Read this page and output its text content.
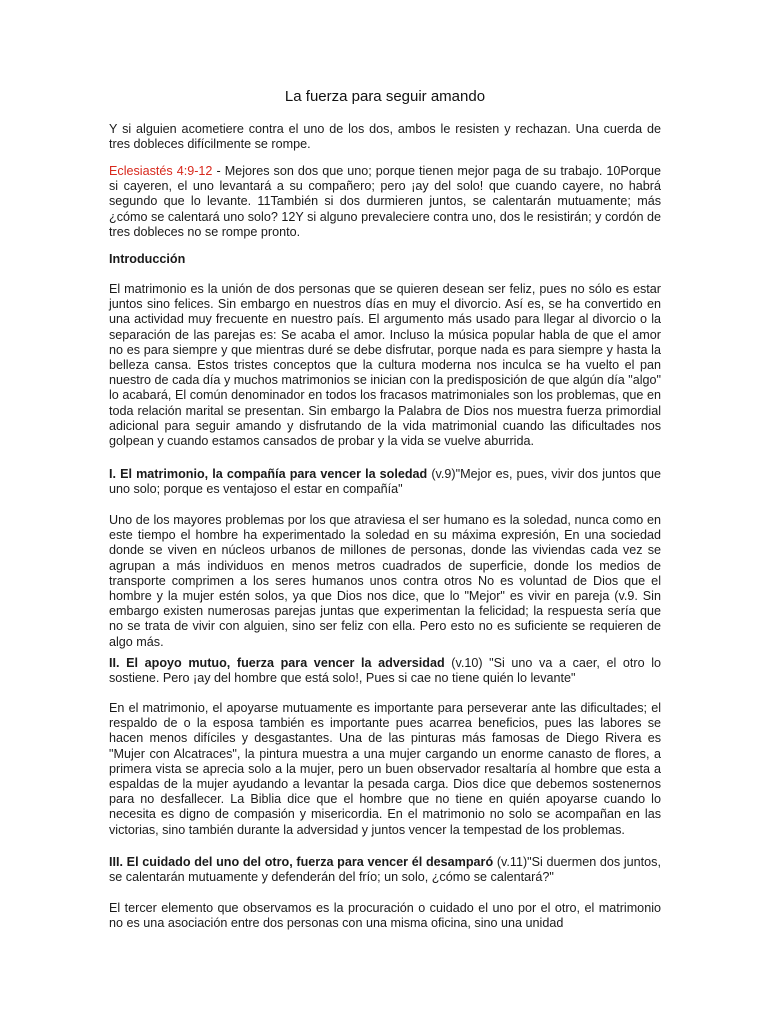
La fuerza para seguir amando

Y si alguien acometiere contra el uno de los dos, ambos le resisten y rechazan. Una cuerda de tres dobleces difícilmente se rompe.

Eclesiastés 4:9-12 - Mejores son dos que uno; porque tienen mejor paga de su trabajo. 10Porque si cayeren, el uno levantará a su compañero; pero ¡ay del solo! que cuando cayere, no habrá segundo que lo levante. 11También si dos durmieren juntos, se calentarán mutuamente; más ¿cómo se calentará uno solo? 12Y si alguno prevaleciere contra uno, dos le resistirán; y cordón de tres dobleces no se rompe pronto.

Introducción

El matrimonio es la unión de dos personas que se quieren desean ser feliz, pues no sólo es estar juntos sino felices. Sin embargo en nuestros días en muy el divorcio. Así es, se ha convertido en una actividad muy frecuente en nuestro país. El argumento más usado para llegar al divorcio o la separación de las parejas es: Se acaba el amor. Incluso la música popular habla de que el amor no es para siempre y que mientras duré se debe disfrutar, porque nada es para siempre y hasta la belleza cansa. Estos tristes conceptos que la cultura moderna nos inculca se ha vuelto el pan nuestro de cada día y muchos matrimonios se inician con la predisposición de que algún día "algo" lo acabará, El común denominador en todos los fracasos matrimoniales son los problemas, que en toda relación marital se presentan. Sin embargo la Palabra de Dios nos muestra fuerza primordial adicional para seguir amando y disfrutando de la vida matrimonial cuando las dificultades nos golpean y cuando estamos cansados de probar y la vida se vuelve aburrida.

I. El matrimonio, la compañía para vencer la soledad (v.9)"Mejor es, pues, vivir dos juntos que uno solo; porque es ventajoso el estar en compañía"

Uno de los mayores problemas por los que atraviesa el ser humano es la soledad, nunca como en este tiempo el hombre ha experimentado la soledad en su máxima expresión, En una sociedad donde se viven en núcleos urbanos de millones de personas, donde las viviendas cada vez se agrupan a más individuos en menos metros cuadrados de superficie, donde los medios de transporte comprimen a los seres humanos unos contra otros No es voluntad de Dios que el hombre y la mujer estén solos, ya que Dios nos dice, que lo "Mejor" es vivir en pareja (v.9. Sin embargo existen numerosas parejas juntas que experimentan la felicidad; la respuesta sería que no se trata de vivir con alguien, sino ser feliz con ella. Pero esto no es suficiente se requieren de algo más.

II. El apoyo mutuo, fuerza para vencer la adversidad (v.10) "Si uno va a caer, el otro lo sostiene. Pero ¡ay del hombre que está solo!, Pues si cae no tiene quién lo levante"

En el matrimonio, el apoyarse mutuamente es importante para perseverar ante las dificultades; el respaldo de o la esposa también es importante pues acarrea beneficios, pues las labores se hacen menos difíciles y desgastantes. Una de las pinturas más famosas de Diego Rivera es "Mujer con Alcatraces", la pintura muestra a una mujer cargando un enorme canasto de flores, a primera vista se aprecia solo a la mujer, pero un buen observador resaltaría al hombre que esta a espaldas de la mujer ayudando a levantar la pesada carga. Dios dice que debemos sostenernos para no desfallecer. La Biblia dice que el hombre que no tiene en quién apoyarse cuando lo necesita es digno de compasión y misericordia. En el matrimonio no solo se acompañan en las victorias, sino también durante la adversidad y juntos vencer la tempestad de los problemas.

III. El cuidado del uno del otro, fuerza para vencer él desamparó (v.11)"Si duermen dos juntos, se calentarán mutuamente y defenderán del frío; un solo, ¿cómo se calentará?"

El tercer elemento que observamos es la procuración o cuidado el uno por el otro, el matrimonio no es una asociación entre dos personas con una misma oficina, sino una unidad
